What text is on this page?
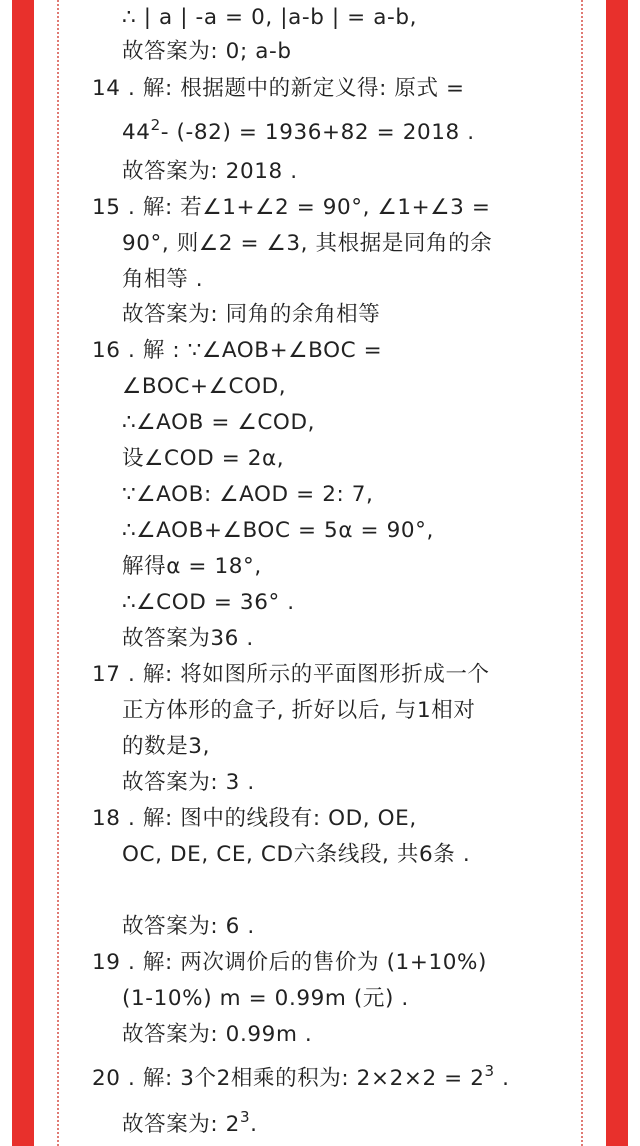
∴ | a | -a = 0, |a-b | = a-b,
故答案为: 0; a-b
14 . 解: 根据题中的新定义得: 原式 =
$44^2-$ (-82) = 1936+82 = 2018 .
故答案为: 2018 .
15 . 解: 若∠1+∠2 = 90°, ∠1+∠3 =
90°, 则∠2 = ∠3, 其根据是同角的余
角相等 .
故答案为: 同角的余角相等
16 . 解 : ∵∠AOB+∠BOC =
∠BOC+∠COD,
∴∠AOB = ∠COD,
设∠COD = 2α,
∵∠AOB: ∠AOD = 2: 7,
∴∠AOB+∠BOC = 5α = 90°,
解得α = 18°,
∴∠COD = 36° .
故答案为36 .
17 . 解: 将如图所示的平面图形折成一个
正方体形的盒子, 折好以后, 与1相对
的数是3,
故答案为: 3 .
18 . 解: 图中的线段有: OD, OE,
OC, DE, CE, CD六条线段, 共6条 .
故答案为: 6 .
19 . 解: 两次调价后的售价为 (1+10%)
(1-10%) m = 0.99m (元) .
故答案为: 0.99m .
20 . 解: 3个2相乘的积为: $2\times 2\times 2 = 2^3$ .
故答案为: $2^3$.
